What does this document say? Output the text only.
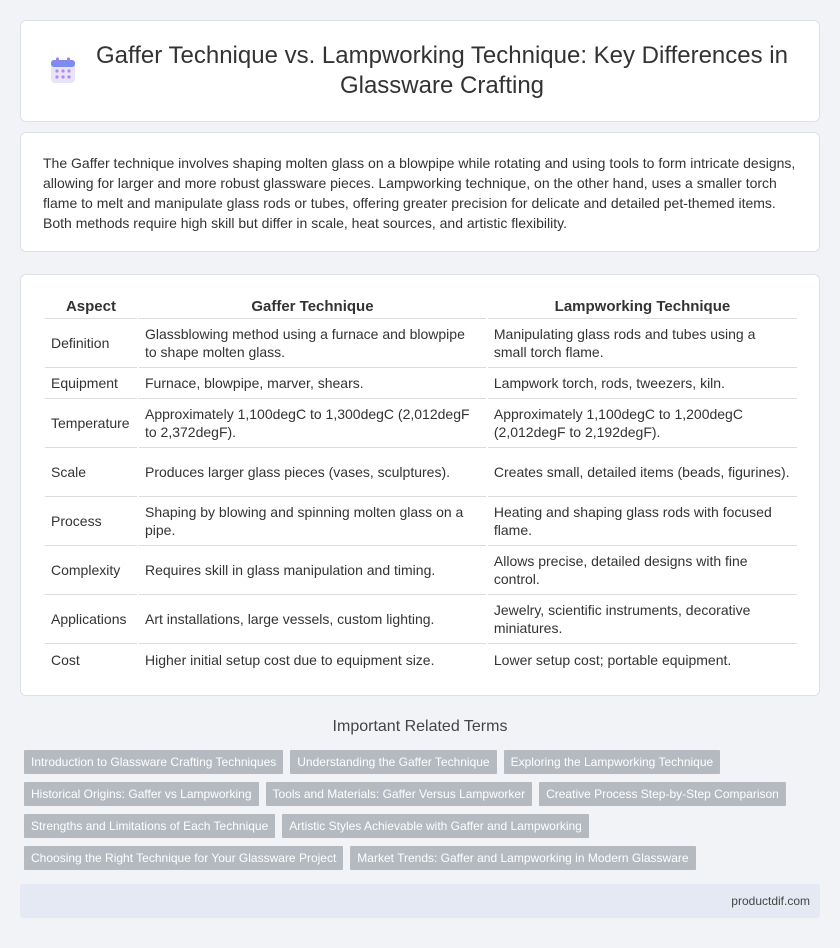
Gaffer Technique vs. Lampworking Technique: Key Differences in Glassware Crafting

The Gaffer technique involves shaping molten glass on a blowpipe while rotating and using tools to form intricate designs, allowing for larger and more robust glassware pieces. Lampworking technique, on the other hand, uses a smaller torch flame to melt and manipulate glass rods or tubes, offering greater precision for delicate and detailed pet-themed items. Both methods require high skill but differ in scale, heat sources, and artistic flexibility.

Aspect	Gaffer Technique	Lampworking Technique
Definition	Glassblowing method using a furnace and blowpipe to shape molten glass.	Manipulating glass rods and tubes using a small torch flame.
Equipment	Furnace, blowpipe, marver, shears.	Lampwork torch, rods, tweezers, kiln.
Temperature	Approximately 1,100degC to 1,300degC (2,012degF to 2,372degF).	Approximately 1,100degC to 1,200degC (2,012degF to 2,192degF).
Scale	Produces larger glass pieces (vases, sculptures).	Creates small, detailed items (beads, figurines).
Process	Shaping by blowing and spinning molten glass on a pipe.	Heating and shaping glass rods with focused flame.
Complexity	Requires skill in glass manipulation and timing.	Allows precise, detailed designs with fine control.
Applications	Art installations, large vessels, custom lighting.	Jewelry, scientific instruments, decorative miniatures.
Cost	Higher initial setup cost due to equipment size.	Lower setup cost; portable equipment.
Important Related Terms
Introduction to Glassware Crafting Techniques	Understanding the Gaffer Technique	Exploring the Lampworking Technique
Historical Origins: Gaffer vs Lampworking	Tools and Materials: Gaffer Versus Lampworker	Creative Process Step-by-Step Comparison
Strengths and Limitations of Each Technique	Artistic Styles Achievable with Gaffer and Lampworking
Choosing the Right Technique for Your Glassware Project	Market Trends: Gaffer and Lampworking in Modern Glassware
productdif.com
